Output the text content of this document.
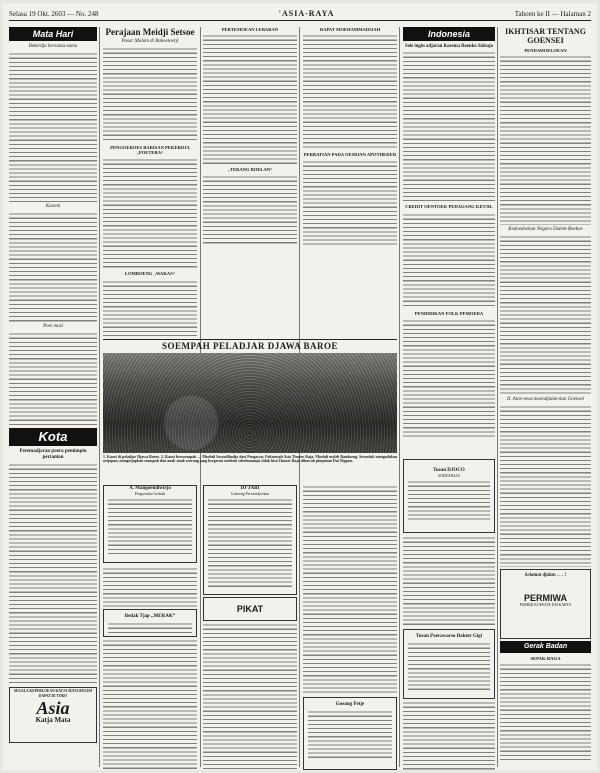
Selasa 19 Okt. 2603 — No. 248	'ASIA-RAYA	Tahoen ke II — Halaman 2
Mata Hari
Bekerdja bersama-sama
Kaoem
Poei mosi
Kota
Peremadjaran poera pemimpin pertanian
SEGALA KEPERLOEAN KATJA MATA BOLEH DAPAT DI TOKO
Asia
Katja Mata
Perajaan Meidji Setsoe
Pasar Malam di Bakoetoerji
PENGOEROES BARISAN PEKERDJA „POETERA“
LOMBOENG „WAKAS“
PERTEMOEAN LEBARAN
„TERANG BOELAN“
RAPAT MOEHAMMADIJAH
PERBATIAN PADA OESDIAN APOTHEKER
SOEMPAH PELADJAR DJAWA BAROE
1. Kaoei di peladjar Djawa Baroe. 2. Kaoei bersoempah — Moehdi Sosrodihadjo dari Pengawas Oekoemah Asia Timoer Raja. Moehdi moleh Bandoeng. Sesoedah mengadakan oetjapan, mengetjapkan soempah dan anak-anak seorang jang bergeraa soedemi sebelnammja tidak bisa Timoer Raja dihawah pimpinan Dai Nippon.
A. Mangoendiwirjo
Pengoesaha Gedaeh
Bedak Tjap „MERAK“
DJ'JABI
Gedoeng Pertoendjoekan
PIKAT
Goeang Petje
Indonesia
Sele ingin adjaran Koesma Boenko Sideajo
CREDIT OENTOEK PEDAGANG KETJIL
PENDIDIKAN FOLK PEMOEDA
Toean DJOCO
SOERABAJA
Toean Poerawarso Dokter Gigi
IKHTISAR TENTANG GOENSEI
PENDAHOELOEAN
Kedoedoekan Negara Dalem-Boekoe
II. Atoe-oeas moendjalan-kan Goensei
Selamat djalan . . . !
PERMIWA
PABRIK KOEKJSE DJAKARTA
Gerak Badan
SEPAK-RAGA
